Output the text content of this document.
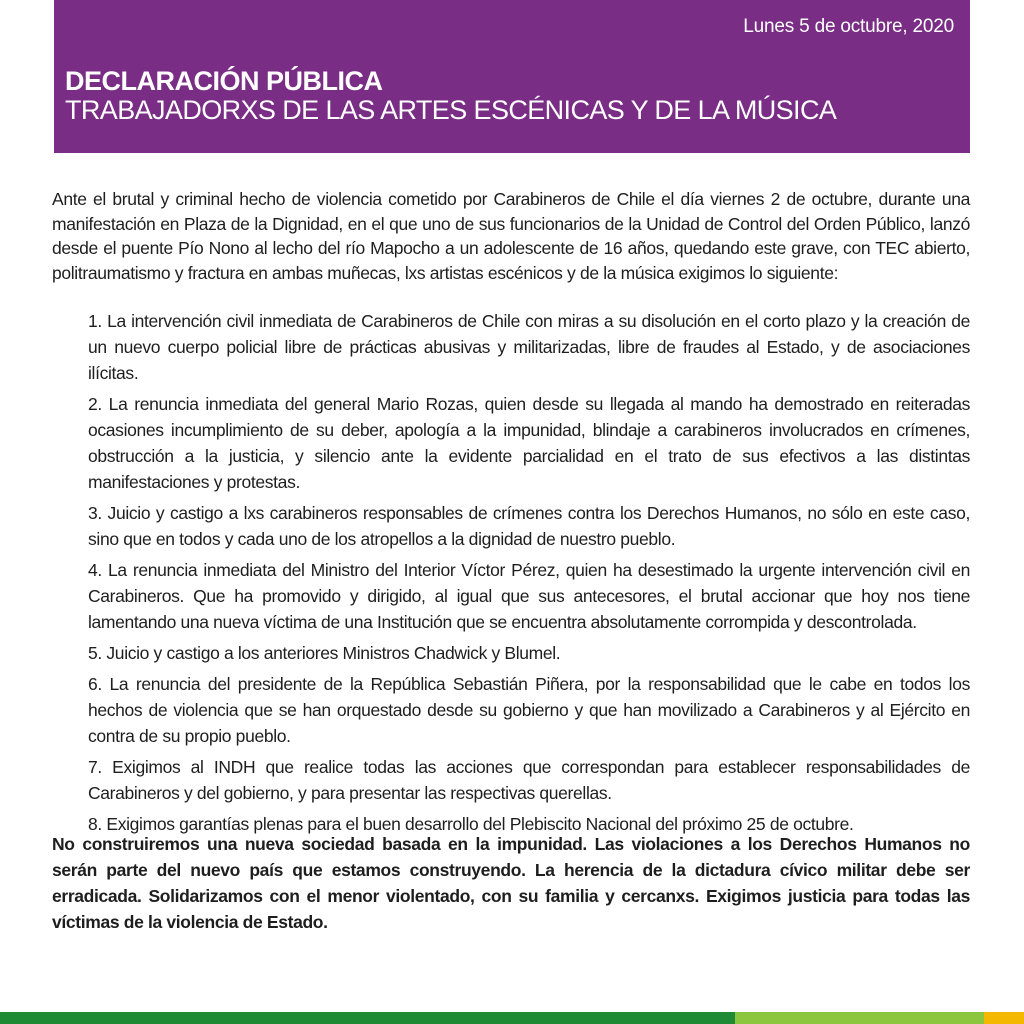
Lunes 5 de octubre, 2020
DECLARACIÓN PÚBLICA
TRABAJADORXS DE LAS ARTES ESCÉNICAS Y DE LA MÚSICA

Ante el brutal y criminal hecho de violencia cometido por Carabineros de Chile el día viernes 2 de octubre, durante una manifestación en Plaza de la Dignidad, en el que uno de sus funcionarios de la Unidad de Control del Orden Público, lanzó desde el puente Pío Nono al lecho del río Mapocho a un adolescente de 16 años, quedando este grave, con TEC abierto, politraumatismo y fractura en ambas muñecas, lxs artistas escénicos y de la música exigimos lo siguiente:

1. La intervención civil inmediata de Carabineros de Chile con miras a su disolución en el corto plazo y la creación de un nuevo cuerpo policial libre de prácticas abusivas y militarizadas, libre de fraudes al Estado, y de asociaciones ilícitas.
2. La renuncia inmediata del general Mario Rozas, quien desde su llegada al mando ha demostrado en reiteradas ocasiones incumplimiento de su deber, apología a la impunidad, blindaje a carabineros involucrados en crímenes, obstrucción a la justicia, y silencio ante la evidente parcialidad en el trato de sus efectivos a las distintas manifestaciones y protestas.
3. Juicio y castigo a lxs carabineros responsables de crímenes contra los Derechos Humanos, no sólo en este caso, sino que en todos y cada uno de los atropellos a la dignidad de nuestro pueblo.
4. La renuncia inmediata del Ministro del Interior Víctor Pérez, quien ha desestimado la urgente intervención civil en Carabineros. Que ha promovido y dirigido, al igual que sus antecesores, el brutal accionar que hoy nos tiene lamentando una nueva víctima de una Institución que se encuentra absolutamente corrompida y descontrolada.
5. Juicio y castigo a los anteriores Ministros Chadwick y Blumel.
6. La renuncia del presidente de la República Sebastián Piñera, por la responsabilidad que le cabe en todos los hechos de violencia que se han orquestado desde su gobierno y que han movilizado a Carabineros y al Ejército en contra de su propio pueblo.
7. Exigimos al INDH que realice todas las acciones que correspondan para establecer responsabilidades de Carabineros y del gobierno, y para presentar las respectivas querellas.
8. Exigimos garantías plenas para el buen desarrollo del Plebiscito Nacional del próximo 25 de octubre.

No construiremos una nueva sociedad basada en la impunidad. Las violaciones a los Derechos Humanos no serán parte del nuevo país que estamos construyendo. La herencia de la dictadura cívico militar debe ser erradicada. Solidarizamos con el menor violentado, con su familia y cercanxs. Exigimos justicia para todas las víctimas de la violencia de Estado.
